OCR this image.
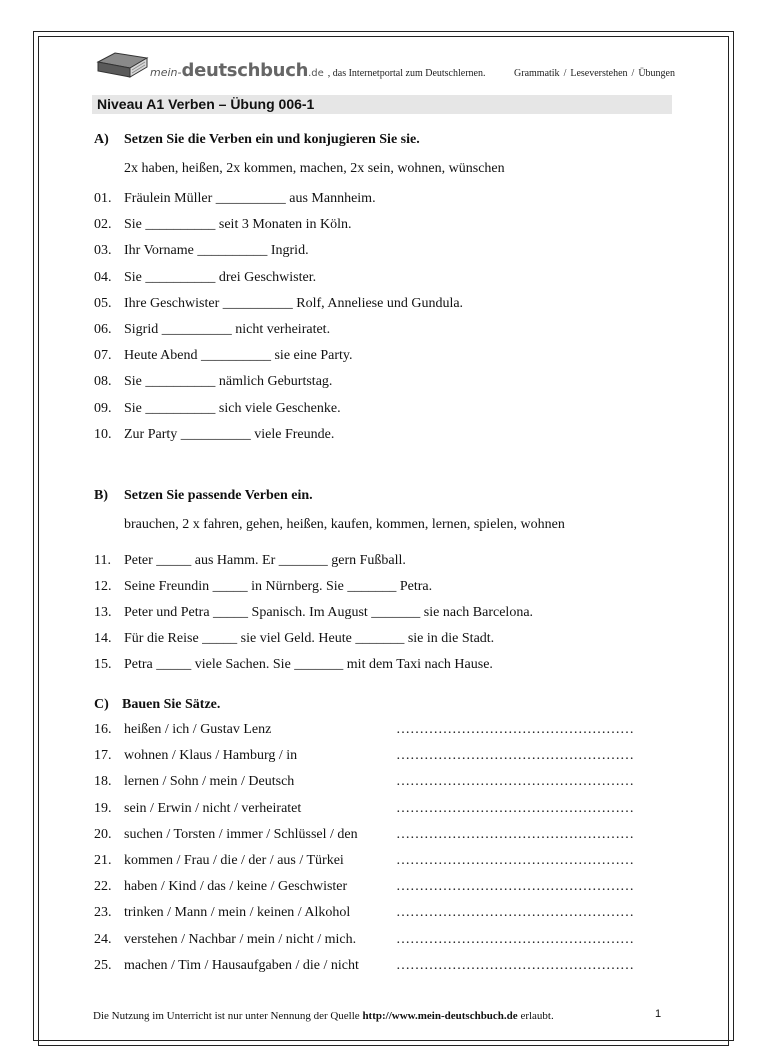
mein-deutschbuch.de , das Internetportal zum Deutschlernen.	Grammatik / Leseverstehen / Übungen
Niveau A1 Verben – Übung 006-1
A) Setzen Sie die Verben ein und konjugieren Sie sie.
2x haben, heißen, 2x kommen, machen, 2x sein, wohnen, wünschen
01. Fräulein Müller __________ aus Mannheim.
02. Sie __________ seit 3 Monaten in Köln.
03. Ihr Vorname __________ Ingrid.
04. Sie __________ drei Geschwister.
05. Ihre Geschwister __________ Rolf, Anneliese und Gundula.
06. Sigrid __________ nicht verheiratet.
07. Heute Abend __________ sie eine Party.
08. Sie __________ nämlich Geburtstag.
09. Sie __________ sich viele Geschenke.
10. Zur Party __________ viele Freunde.
B) Setzen Sie passende Verben ein.
brauchen, 2 x fahren, gehen, heißen, kaufen, kommen, lernen, spielen, wohnen
11. Peter _____ aus Hamm. Er _______ gern Fußball.
12. Seine Freundin _____ in Nürnberg. Sie _______ Petra.
13. Peter und Petra _____ Spanisch. Im August _______ sie nach Barcelona.
14. Für die Reise _____ sie viel Geld. Heute _______ sie in die Stadt.
15. Petra _____ viele Sachen. Sie _______ mit dem Taxi nach Hause.
C) Bauen Sie Sätze.
16. heißen / ich / Gustav Lenz	……………………………………………
17. wohnen / Klaus / Hamburg / in	……………………………………………
18. lernen / Sohn / mein / Deutsch	……………………………………………
19. sein / Erwin / nicht / verheiratet	……………………………………………
20. suchen / Torsten / immer / Schlüssel / den	……………………………………………
21. kommen / Frau / die / der / aus / Türkei	……………………………………………
22. haben / Kind / das / keine / Geschwister	……………………………………………
23. trinken / Mann / mein / keinen / Alkohol	……………………………………………
24. verstehen / Nachbar / mein / nicht / mich.	……………………………………………
25. machen / Tim / Hausaufgaben / die / nicht	……………………………………………
Die Nutzung im Unterricht ist nur unter Nennung der Quelle http://www.mein-deutschbuch.de erlaubt.	1
